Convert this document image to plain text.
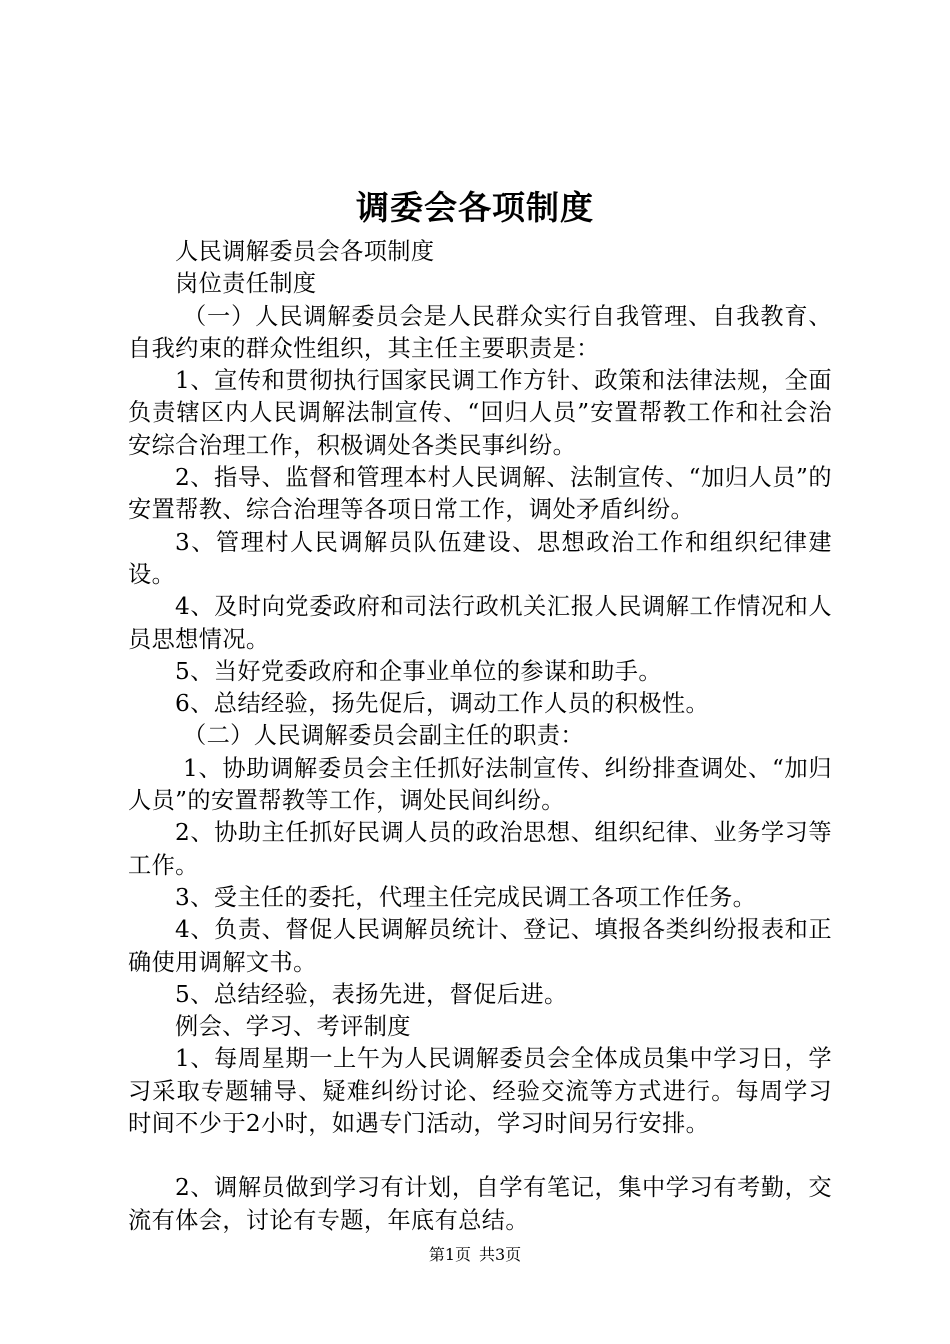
调委会各项制度

人民调解委员会各项制度

岗位责任制度

（一）人民调解委员会是人民群众实行自我管理、自我教育、自我约束的群众性组织，其主任主要职责是：

1、宣传和贯彻执行国家民调工作方针、政策和法律法规，全面负责辖区内人民调解法制宣传、“回归人员”安置帮教工作和社会治安综合治理工作，积极调处各类民事纠纷。

2、指导、监督和管理本村人民调解、法制宣传、“加归人员”的安置帮教、综合治理等各项日常工作，调处矛盾纠纷。

3、管理村人民调解员队伍建设、思想政治工作和组织纪律建设。

4、及时向党委政府和司法行政机关汇报人民调解工作情况和人员思想情况。

5、当好党委政府和企事业单位的参谋和助手。

6、总结经验，扬先促后，调动工作人员的积极性。

（二）人民调解委员会副主任的职责：

1、协助调解委员会主任抓好法制宣传、纠纷排查调处、“加归人员”的安置帮教等工作，调处民间纠纷。

2、协助主任抓好民调人员的政治思想、组织纪律、业务学习等工作。

3、受主任的委托，代理主任完成民调工各项工作任务。

4、负责、督促人民调解员统计、登记、填报各类纠纷报表和正确使用调解文书。

5、总结经验，表扬先进，督促后进。

例会、学习、考评制度

1、每周星期一上午为人民调解委员会全体成员集中学习日，学习采取专题辅导、疑难纠纷讨论、经验交流等方式进行。每周学习时间不少于2小时，如遇专门活动，学习时间另行安排。

2、调解员做到学习有计划，自学有笔记，集中学习有考勤，交流有体会，讨论有专题，年底有总结。

第1页 共3页
